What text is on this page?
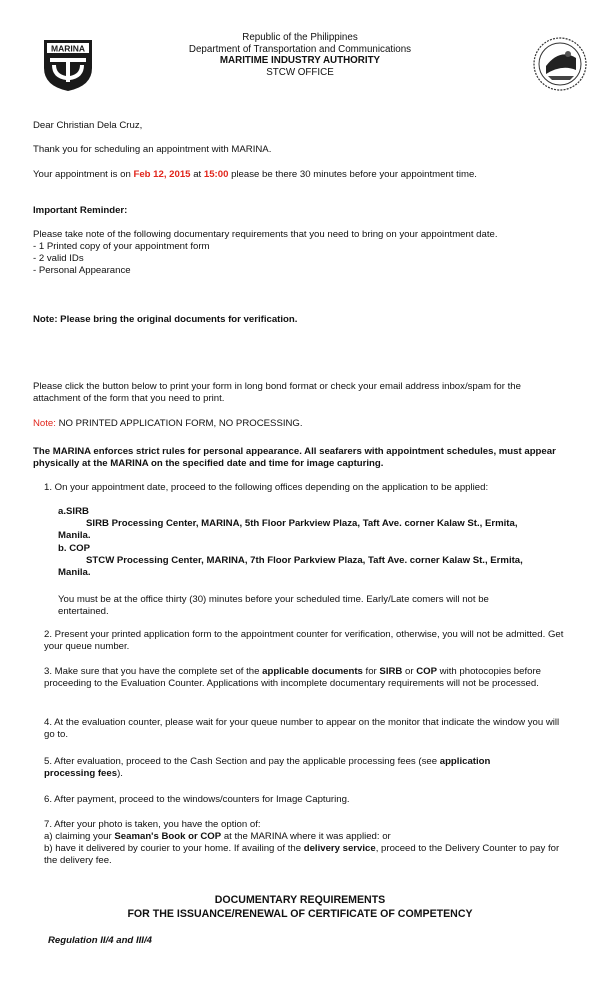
MARINA
Republic of the Philippines
Department of Transportation and Communications
MARITIME INDUSTRY AUTHORITY
STCW OFFICE

Dear Christian Dela Cruz,

Thank you for scheduling an appointment with MARINA.

Your appointment is on Feb 12, 2015 at 15:00 please be there 30 minutes before your appointment time.

Important Reminder:

Please take note of the following documentary requirements that you need to bring on your appointment date.

- 1 Printed copy of your appointment form

- 2 valid IDs

- Personal Appearance

Note: Please bring the original documents for verification.

Please click the button below to print your form in long bond format or check your email address inbox/spam for the attachment of the form that you need to print.

Note: NO PRINTED APPLICATION FORM, NO PROCESSING.

The MARINA enforces strict rules for personal appearance. All seafarers with appointment schedules, must appear physically at the MARINA on the specified date and time for image capturing.

1. On your appointment date, proceed to the following offices depending on the application to be applied:

a.SIRB

SIRB Processing Center, MARINA, 5th Floor Parkview Plaza, Taft Ave. corner Kalaw St., Ermita,

Manila.

b. COP

STCW Processing Center, MARINA, 7th Floor Parkview Plaza, Taft Ave. corner Kalaw St., Ermita,

Manila.

You must be at the office thirty (30) minutes before your scheduled time. Early/Late comers will not be entertained.

2. Present your printed application form to the appointment counter for verification, otherwise, you will not be admitted. Get your queue number.

3. Make sure that you have the complete set of the applicable documents for SIRB or COP with photocopies before proceeding to the Evaluation Counter. Applications with incomplete documentary requirements will not be processed.

4. At the evaluation counter, please wait for your queue number to appear on the monitor that indicate the window you will go to.

5. After evaluation, proceed to the Cash Section and pay the applicable processing fees (see application processing fees).

6. After payment, proceed to the windows/counters for Image Capturing.

7. After your photo is taken, you have the option of:

a) claiming your Seaman's Book or COP at the MARINA where it was applied: or

b) have it delivered by courier to your home. If availing of the delivery service, proceed to the Delivery Counter to pay for the delivery fee.

DOCUMENTARY REQUIREMENTS

FOR THE ISSUANCE/RENEWAL OF CERTIFICATE OF COMPETENCY

Regulation II/4 and III/4
